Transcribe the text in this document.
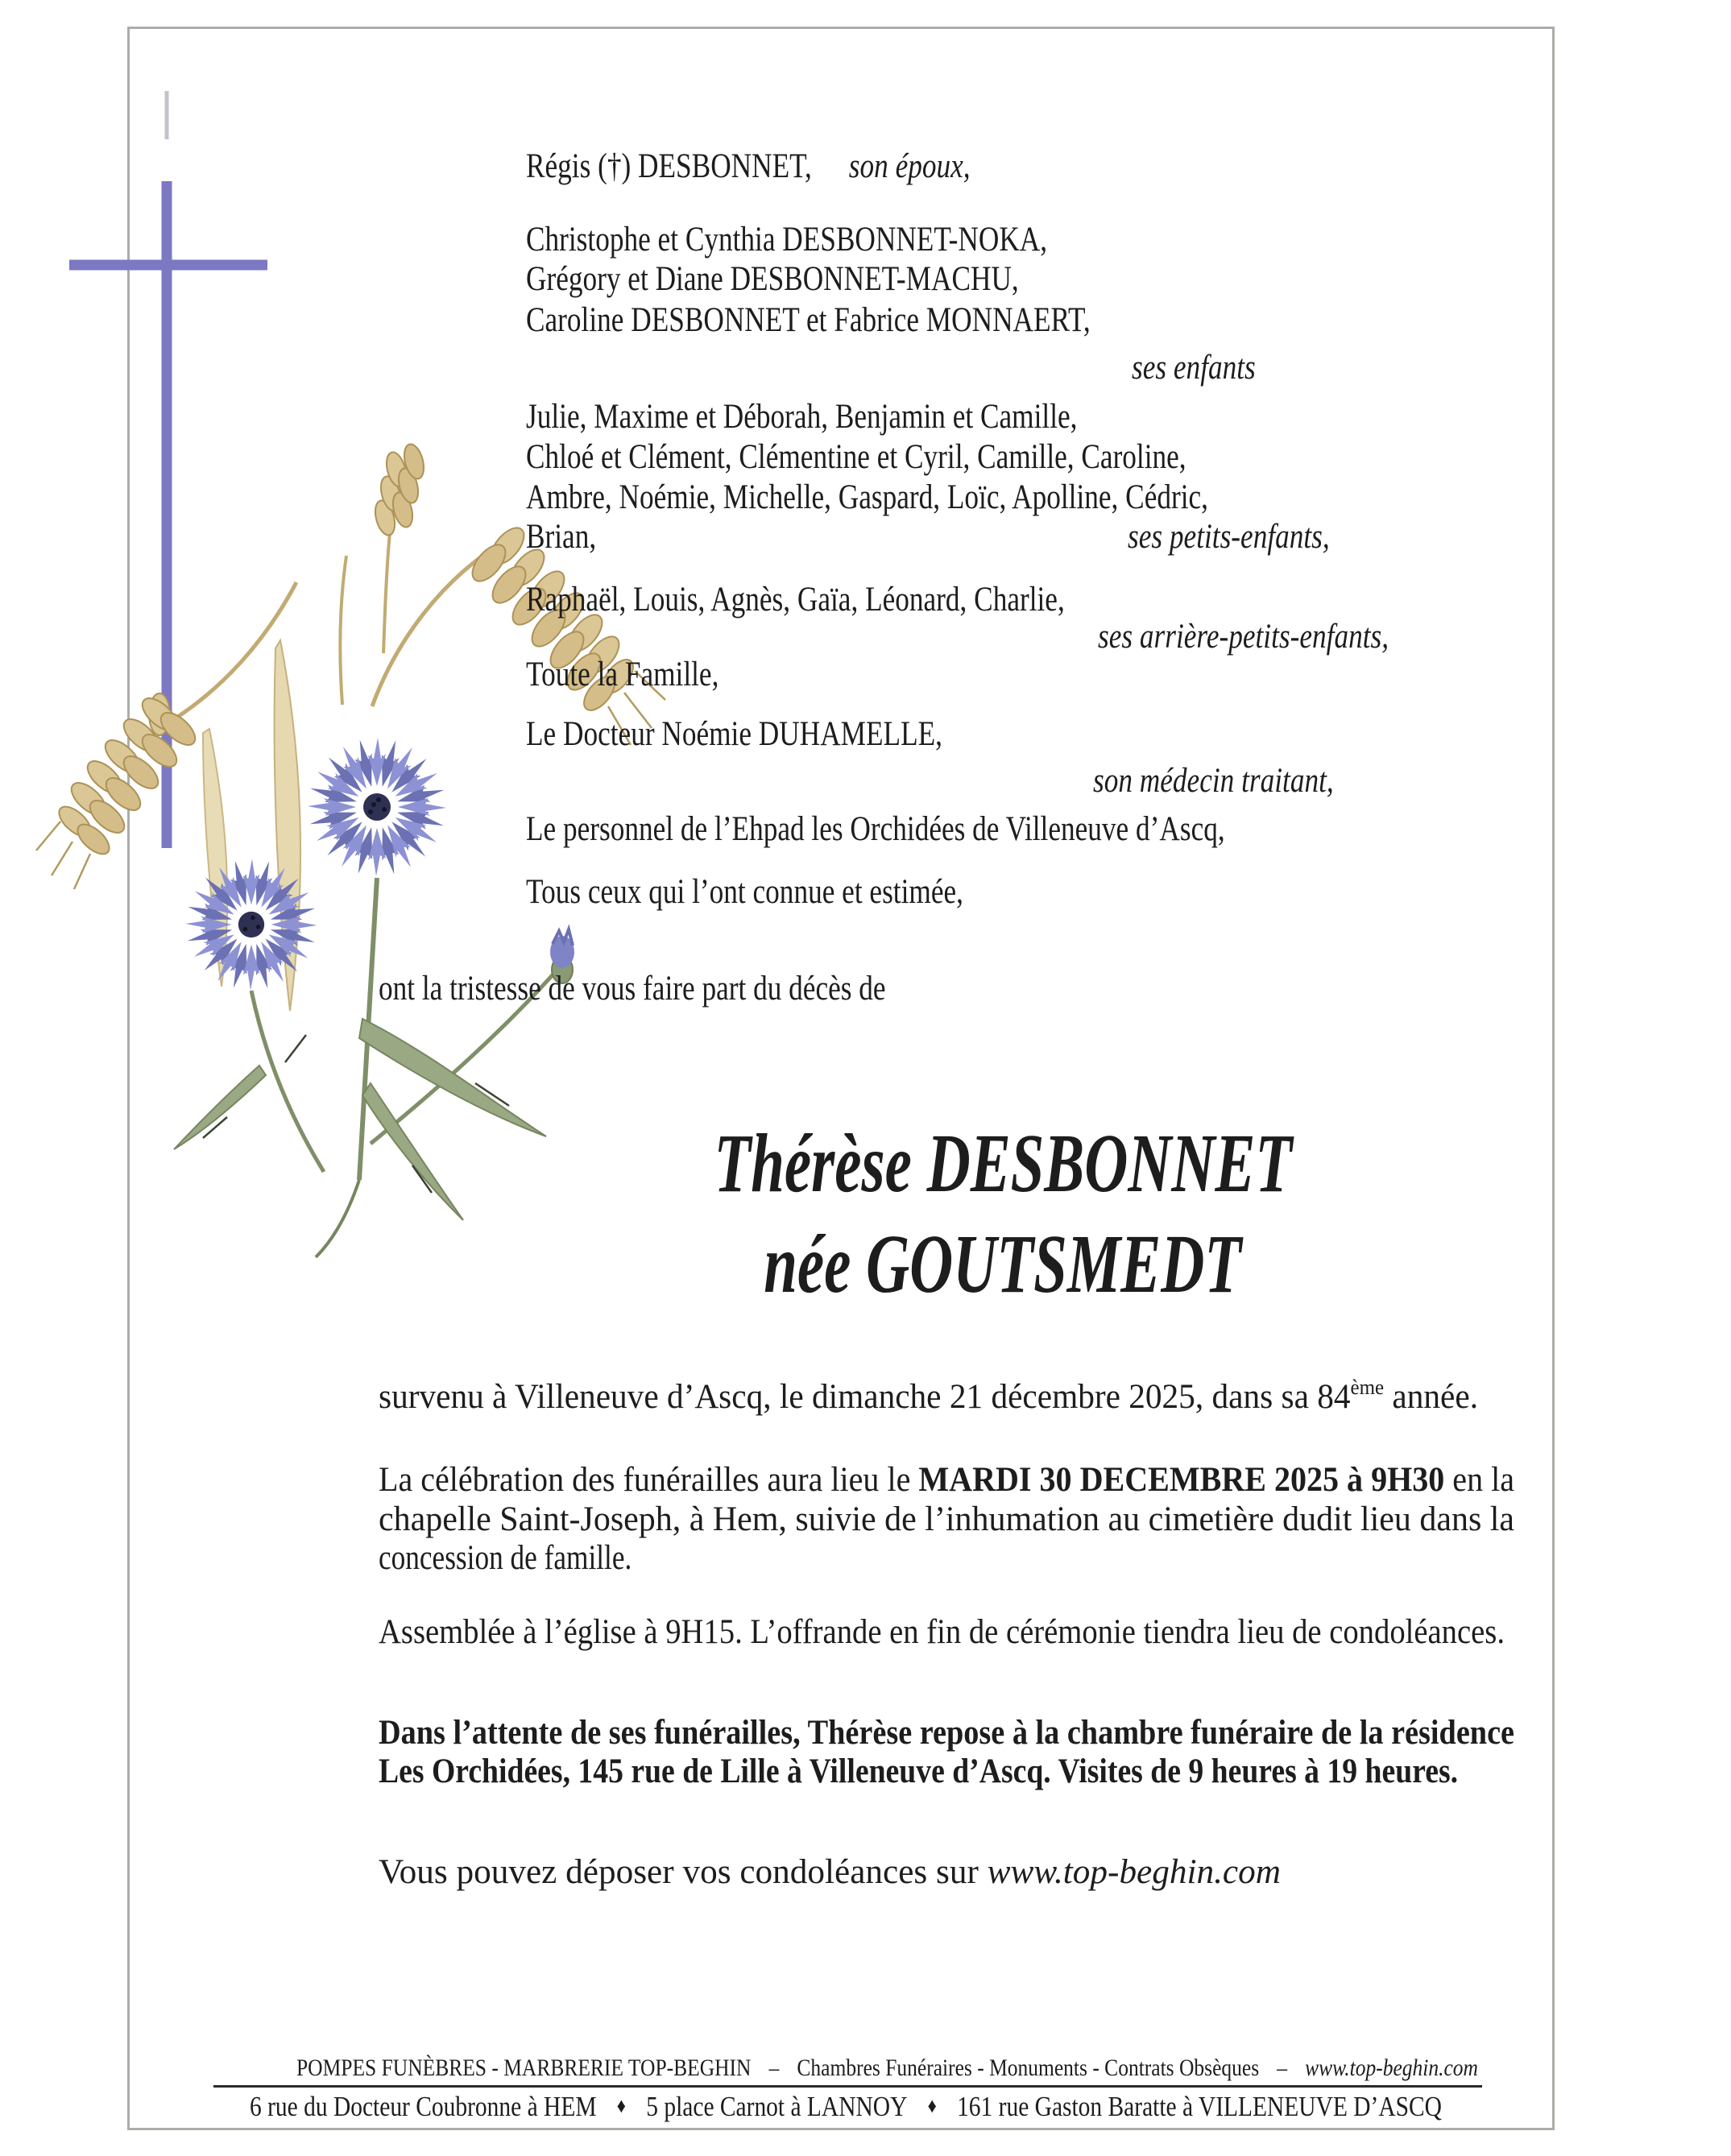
Régis (†) DESBONNET, son époux,
Christophe et Cynthia DESBONNET-NOKA,
Grégory et Diane DESBONNET-MACHU,
Caroline DESBONNET et Fabrice MONNAERT,
ses enfants
Julie, Maxime et Déborah, Benjamin et Camille,
Chloé et Clément, Clémentine et Cyril, Camille, Caroline,
Ambre, Noémie, Michelle, Gaspard, Loïc, Apolline, Cédric,
Brian,	ses petits-enfants,
Raphaël, Louis, Agnès, Gaïa, Léonard, Charlie,
ses arrière-petits-enfants,
Toute la Famille,
Le Docteur Noémie DUHAMELLE,
son médecin traitant,
Le personnel de l’Ehpad les Orchidées de Villeneuve d’Ascq,
Tous ceux qui l’ont connue et estimée,
ont la tristesse de vous faire part du décès de
Thérèse DESBONNET
née GOUTSMEDT
survenu à Villeneuve d’Ascq, le dimanche 21 décembre 2025, dans sa 84ème année.
La célébration des funérailles aura lieu le MARDI 30 DECEMBRE 2025 à 9H30 en la
chapelle Saint-Joseph, à Hem, suivie de l’inhumation au cimetière dudit lieu dans la
concession de famille.
Assemblée à l’église à 9H15. L’offrande en fin de cérémonie tiendra lieu de condoléances.
Dans l’attente de ses funérailles, Thérèse repose à la chambre funéraire de la résidence
Les Orchidées, 145 rue de Lille à Villeneuve d’Ascq. Visites de 9 heures à 19 heures.
Vous pouvez déposer vos condoléances sur www.top-beghin.com
POMPES FUNÈBRES - MARBRERIE TOP-BEGHIN – Chambres Funéraires - Monuments - Contrats Obsèques – www.top-beghin.com
6 rue du Docteur Coubronne à HEM ♦ 5 place Carnot à LANNOY ♦ 161 rue Gaston Baratte à VILLENEUVE D’ASCQ
